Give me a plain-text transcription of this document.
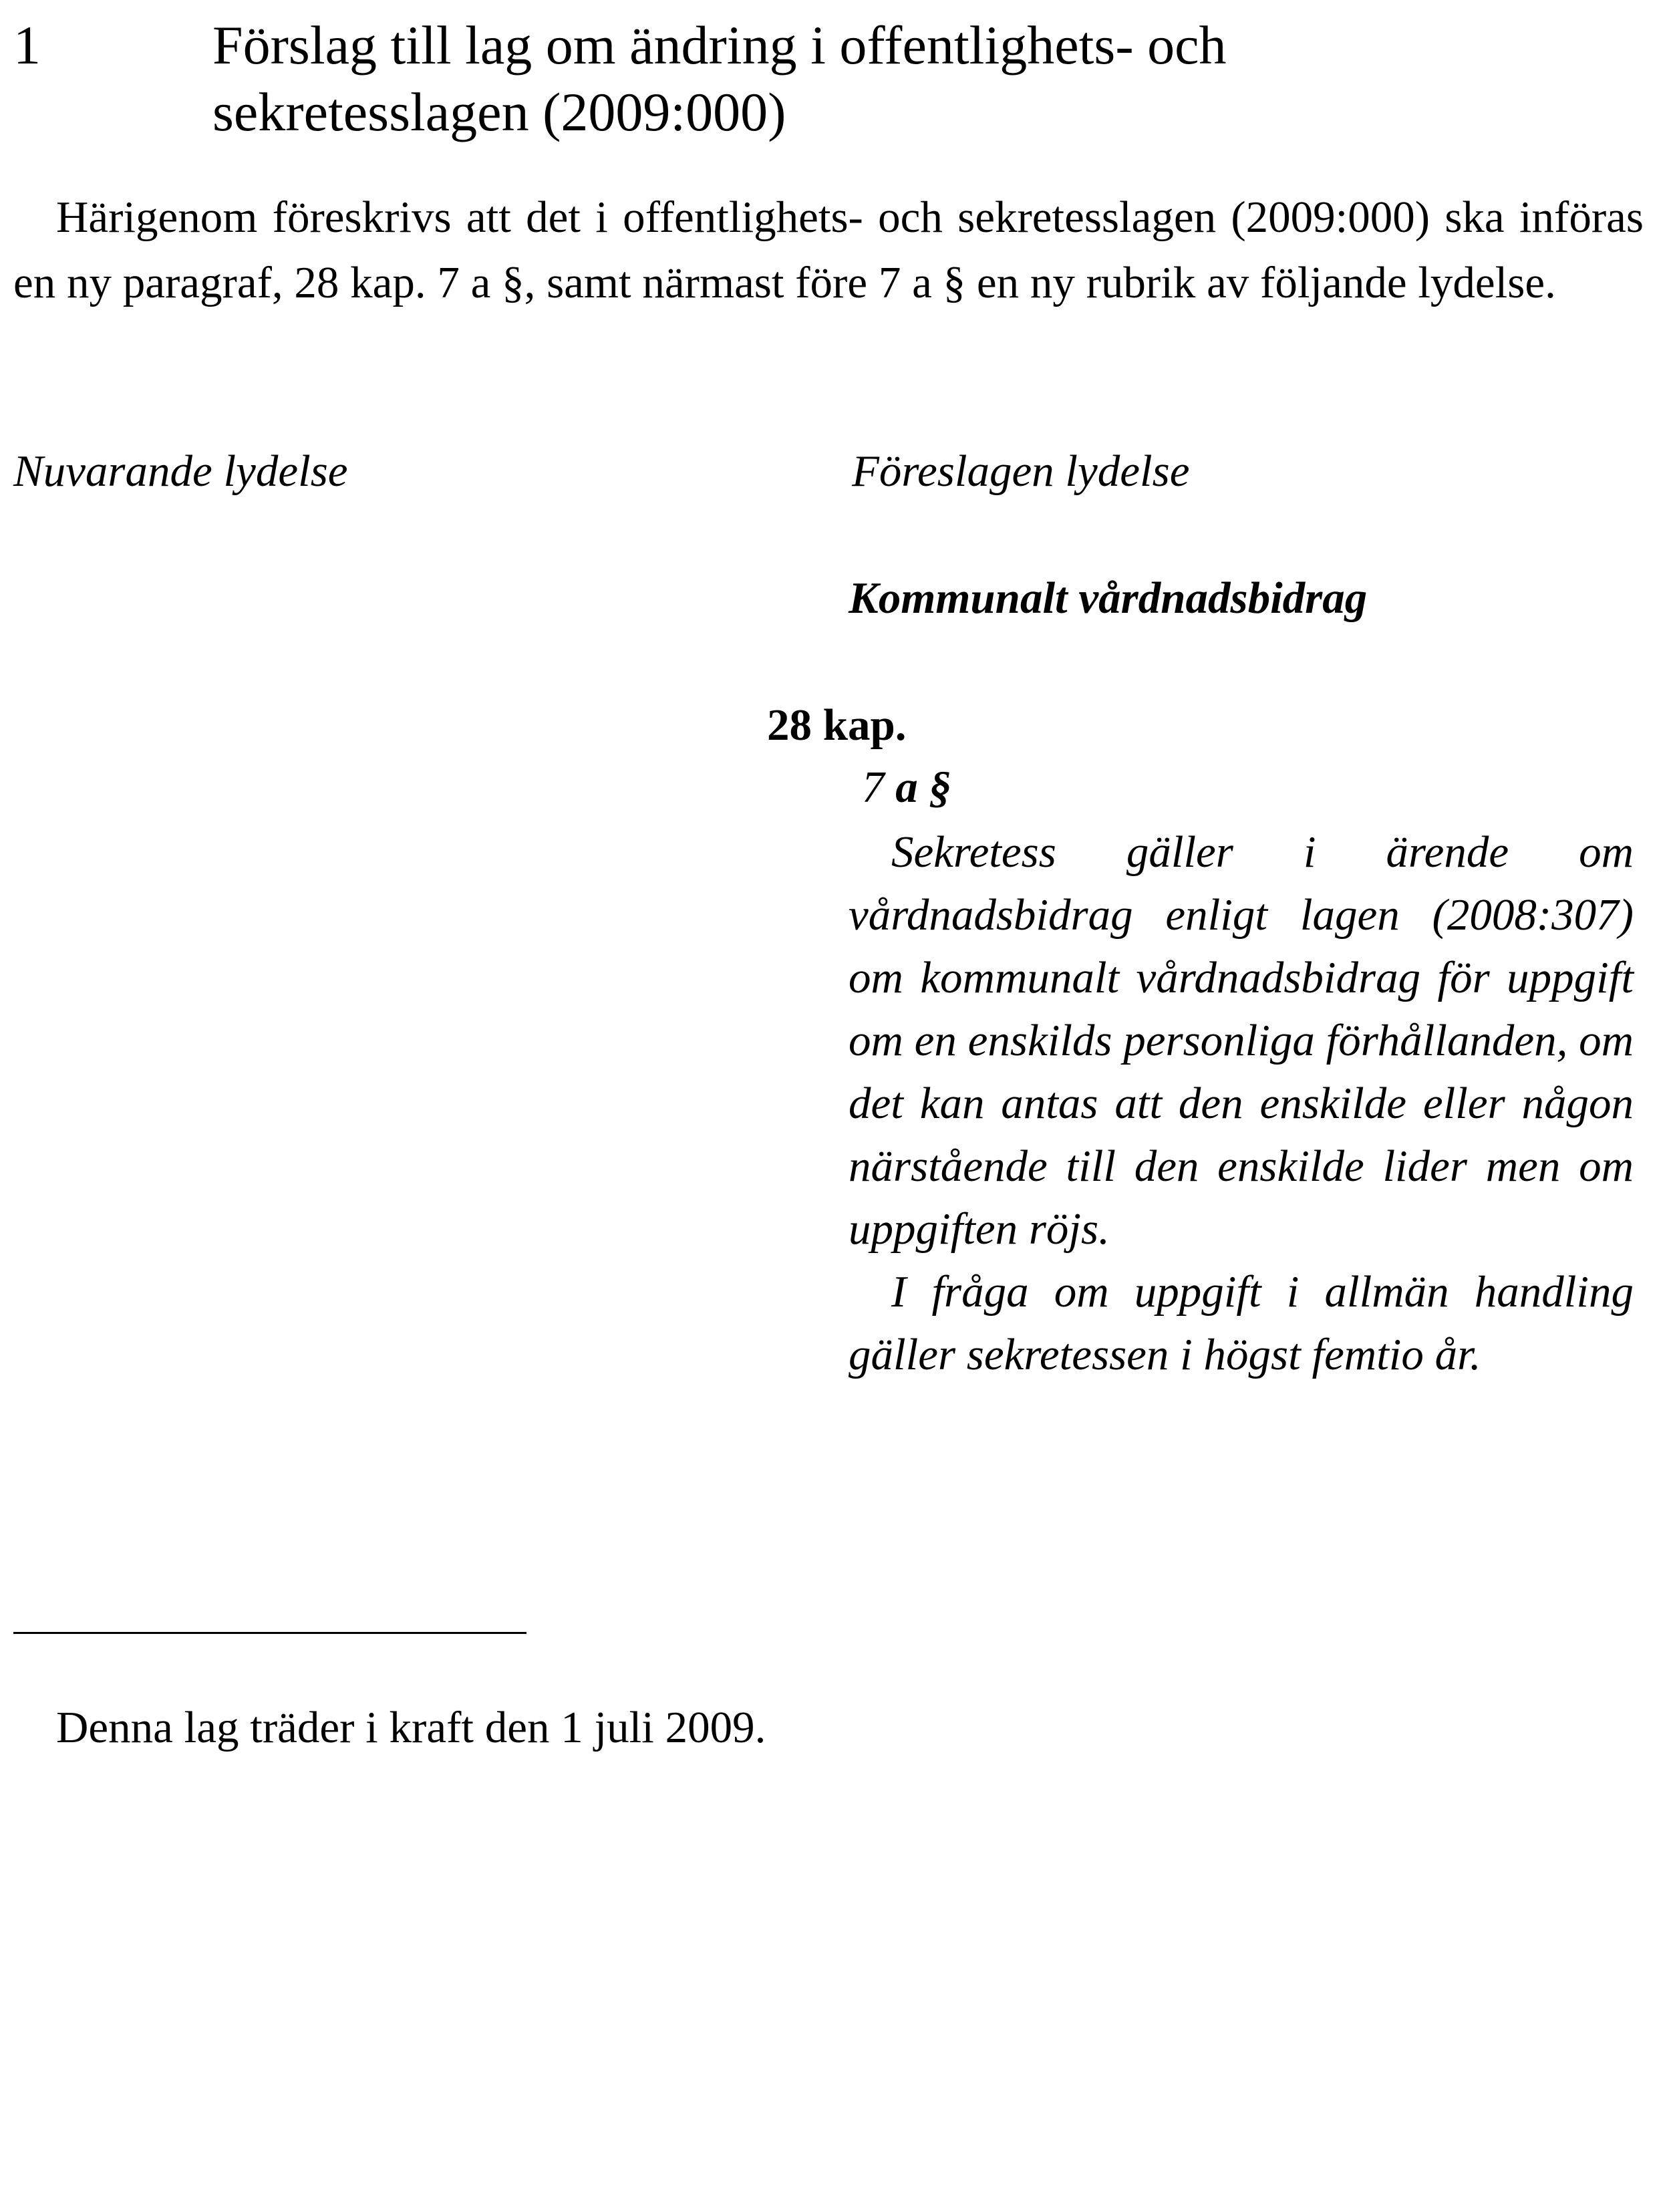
1	Förslag till lag om ändring i offentlighets- och
sekretesslagen (2009:000)
Härigenom föreskrivs att det i offentlighets- och sekretesslagen (2009:000) ska införas en ny paragraf, 28 kap. 7 a §, samt närmast före 7 a § en ny rubrik av följande lydelse.
Nuvarande lydelse	Föreslagen lydelse
Kommunalt vårdnadsbidrag
28 kap.
7 a §

Sekretess gäller i ärende om vårdnadsbidrag enligt lagen (2008:307) om kommunalt vårdnadsbidrag för uppgift om en enskilds personliga förhållanden, om det kan antas att den enskilde eller någon närstående till den enskilde lider men om uppgiften röjs.

I fråga om uppgift i allmän handling gäller sekretessen i högst femtio år.

Denna lag träder i kraft den 1 juli 2009.
